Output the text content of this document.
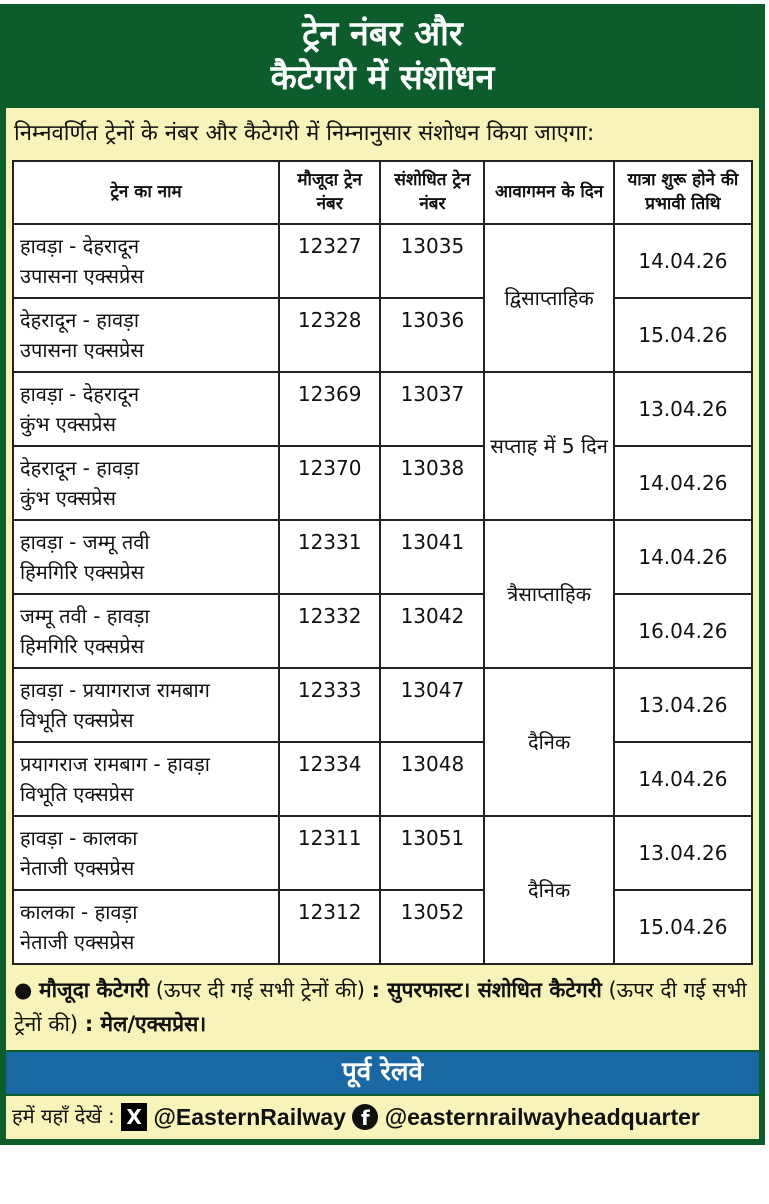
ट्रेन नंबर और
कैटेगरी में संशोधन
निम्नवर्णित ट्रेनों के नंबर और कैटेगरी में निम्नानुसार संशोधन किया जाएगा:
ट्रेन का नाम	मौजूदा ट्रेन नंबर	संशोधित ट्रेन नंबर	आवागमन के दिन	यात्रा शुरू होने की प्रभावी तिथि

हावड़ा - देहरादून
उपासना एक्सप्रेस	12327	13035	द्विसाप्ताहिक	14.04.26

देहरादून - हावड़ा
उपासना एक्सप्रेस	12328	13036		15.04.26

हावड़ा - देहरादून
कुंभ एक्सप्रेस	12369	13037	सप्ताह में 5 दिन	13.04.26

देहरादून - हावड़ा
कुंभ एक्सप्रेस	12370	13038		14.04.26

हावड़ा - जम्मू तवी
हिमगिरि एक्सप्रेस	12331	13041	त्रैसाप्ताहिक	14.04.26

जम्मू तवी - हावड़ा
हिमगिरि एक्सप्रेस	12332	13042		16.04.26

हावड़ा - प्रयागराज रामबाग
विभूति एक्सप्रेस	12333	13047	दैनिक	13.04.26

प्रयागराज रामबाग - हावड़ा
विभूति एक्सप्रेस	12334	13048		14.04.26

हावड़ा - कालका
नेताजी एक्सप्रेस	12311	13051	दैनिक	13.04.26

कालका - हावड़ा
नेताजी एक्सप्रेस	12312	13052		15.04.26
● मौजूदा कैटेगरी (ऊपर दी गई सभी ट्रेनों की) : सुपरफास्ट। संशोधित कैटेगरी (ऊपर दी गई सभी ट्रेनों की) : मेल/एक्सप्रेस।
पूर्व रेलवे
हमें यहाँ देखें : X @EasternRailway f @easternrailwayheadquarter
